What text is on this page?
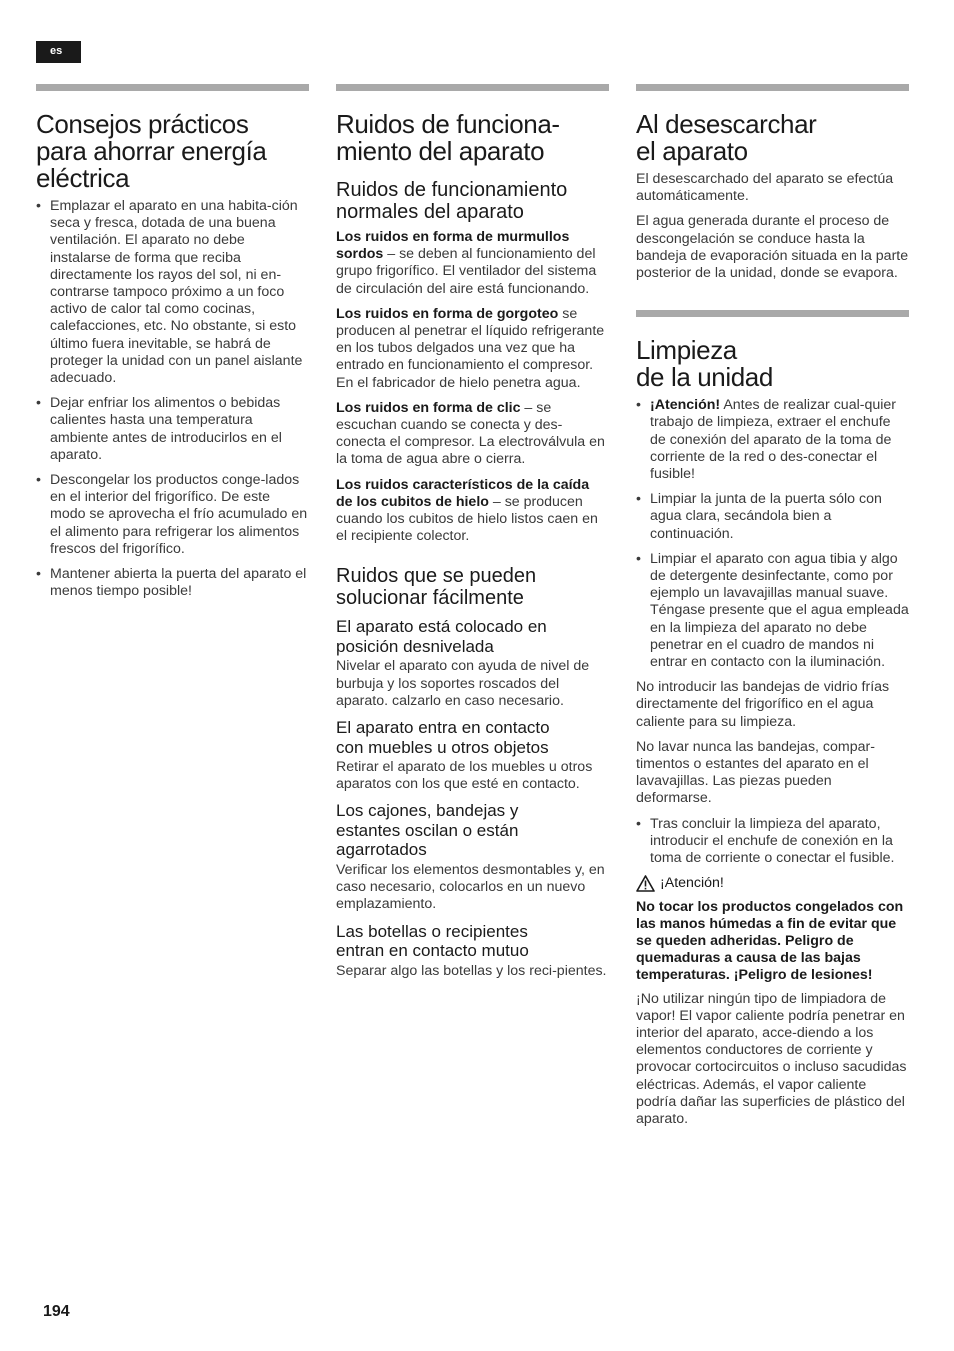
es
Consejos prácticos
para ahorrar energía
eléctrica
• Emplazar el aparato en una habita-ción seca y fresca, dotada de una buena ventilación. El aparato no debe instalarse de forma que reciba directamente los rayos del sol, ni en-contrarse tampoco próximo a un foco activo de calor tal como cocinas, calefacciones, etc. No obstante, si esto último fuera inevitable, se habrá de proteger la unidad con un panel aislante adecuado.
• Dejar enfriar los alimentos o bebidas calientes hasta una temperatura ambiente antes de introducirlos en el aparato.
• Descongelar los productos conge-lados en el interior del frigorífico. De este modo se aprovecha el frío acumulado en el alimento para refrigerar los alimentos frescos del frigorífico.
• Mantener abierta la puerta del aparato el menos tiempo posible!
Ruidos de funciona-
miento del aparato
Ruidos de funcionamiento
normales del aparato

Los ruidos en forma de murmullos sordos – se deben al funcionamiento del grupo frigorífico. El ventilador del sistema de circulación del aire está funcionando.

Los ruidos en forma de gorgoteo se producen al penetrar el líquido refrigerante en los tubos delgados una vez que ha entrado en funcionamiento el compresor. En el fabricador de hielo penetra agua.

Los ruidos en forma de clic – se escuchan cuando se conecta y des-conecta el compresor. La electroválvula en la toma de agua abre o cierra.

Los ruidos característicos de la caída de los cubitos de hielo – se producen cuando los cubitos de hielo listos caen en el recipiente colector.

Ruidos que se pueden
solucionar fácilmente
El aparato está colocado en
posición desnivelada

Nivelar el aparato con ayuda de nivel de burbuja y los soportes roscados del aparato. calzarlo en caso necesario.

El aparato entra en contacto
con muebles u otros objetos

Retirar el aparato de los muebles u otros aparatos con los que esté en contacto.

Los cajones, bandejas y
estantes oscilan o están
agarrotados

Verificar los elementos desmontables y, en caso necesario, colocarlos en un nuevo emplazamiento.

Las botellas o recipientes
entran en contacto mutuo

Separar algo las botellas y los reci-pientes.

Al desescarchar
el aparato

El desescarchado del aparato se efectúa automáticamente.

El agua generada durante el proceso de descongelación se conduce hasta la bandeja de evaporación situada en la parte posterior de la unidad, donde se evapora.

Limpieza
de la unidad
• ¡Atención! Antes de realizar cual-quier trabajo de limpieza, extraer el enchufe de conexión del aparato de la toma de corriente de la red o des-conectar el fusible!
• Limpiar la junta de la puerta sólo con agua clara, secándola bien a continuación.
• Limpiar el aparato con agua tibia y algo de detergente desinfectante, como por ejemplo un lavavajillas manual suave. Téngase presente que el agua empleada en la limpieza del aparato no debe penetrar en el cuadro de mandos ni entrar en contacto con la iluminación.

No introducir las bandejas de vidrio frías directamente del frigorífico en el agua caliente para su limpieza.

No lavar nunca las bandejas, compar-timentos o estantes del aparato en el lavavajillas. Las piezas pueden deformarse.

• Tras concluir la limpieza del aparato, introducir el enchufe de conexión en la toma de corriente o conectar el fusible.
¡Atención!

No tocar los productos congelados con las manos húmedas a fin de evitar que se queden adheridas. Peligro de quemaduras a causa de las bajas temperaturas. ¡Peligro de lesiones!

¡No utilizar ningún tipo de limpiadora de vapor! El vapor caliente podría penetrar en interior del aparato, acce-diendo a los elementos conductores de corriente y provocar cortocircuitos o incluso sacudidas eléctricas. Además, el vapor caliente podría dañar las superficies de plástico del aparato.

194
